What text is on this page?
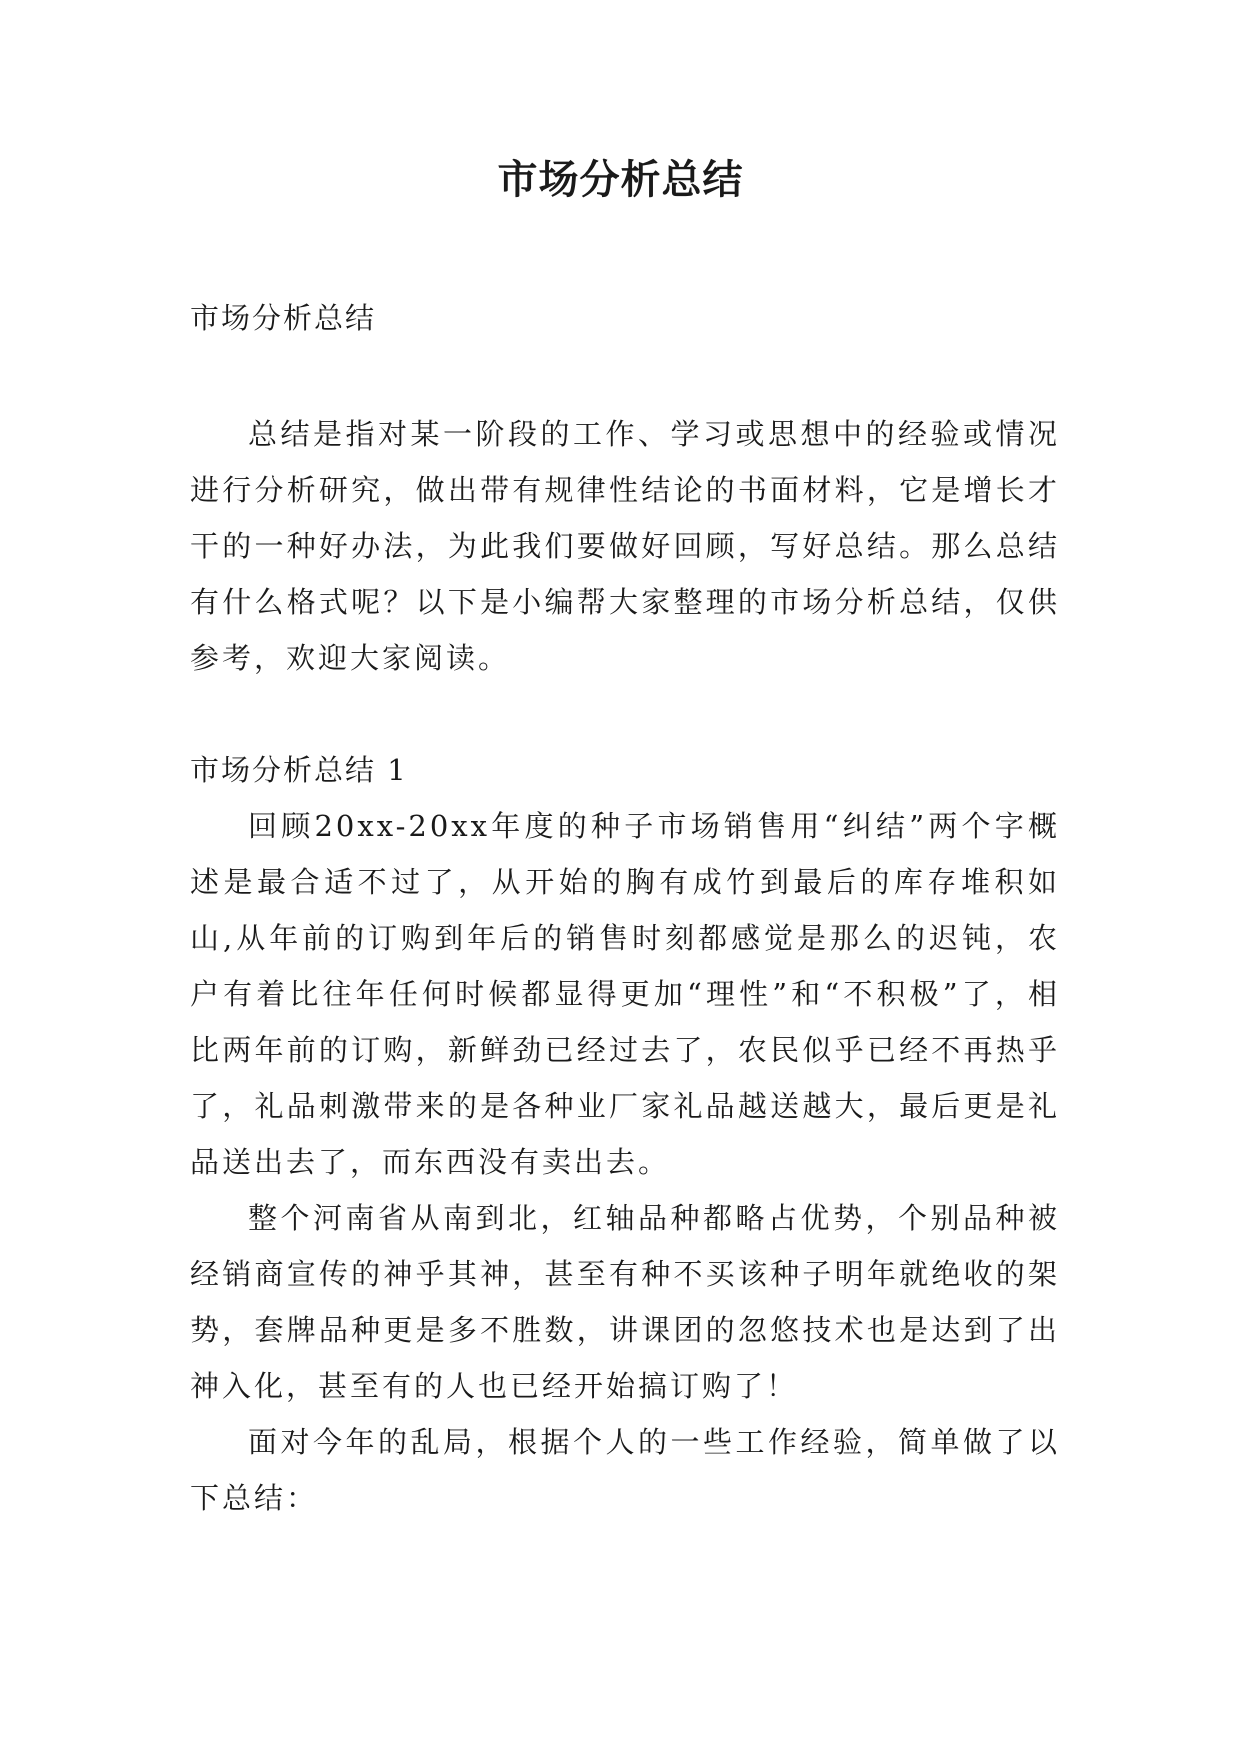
市场分析总结

市场分析总结

总结是指对某一阶段的工作、学习或思想中的经验或情况进行分析研究，做出带有规律性结论的书面材料，它是增长才干的一种好办法，为此我们要做好回顾，写好总结。那么总结有什么格式呢？以下是小编帮大家整理的市场分析总结，仅供参考，欢迎大家阅读。

市场分析总结 1

回顾20xx-20xx年度的种子市场销售用“纠结”两个字概述是最合适不过了，从开始的胸有成竹到最后的库存堆积如山,从年前的订购到年后的销售时刻都感觉是那么的迟钝，农户有着比往年任何时候都显得更加“理性”和“不积极”了，相比两年前的订购，新鲜劲已经过去了，农民似乎已经不再热乎了，礼品刺激带来的是各种业厂家礼品越送越大，最后更是礼品送出去了，而东西没有卖出去。

整个河南省从南到北，红轴品种都略占优势，个别品种被经销商宣传的神乎其神，甚至有种不买该种子明年就绝收的架势，套牌品种更是多不胜数，讲课团的忽悠技术也是达到了出神入化，甚至有的人也已经开始搞订购了！

面对今年的乱局，根据个人的一些工作经验，简单做了以下总结：
